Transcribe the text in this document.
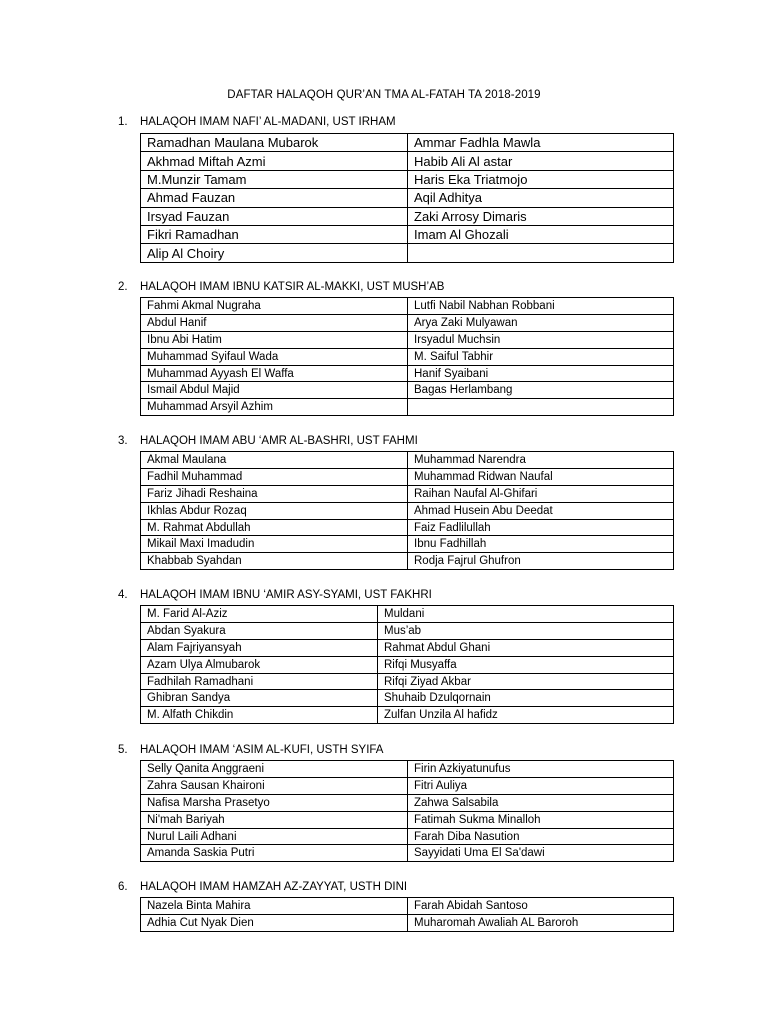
DAFTAR HALAQOH QUR’AN TMA AL-FATAH TA 2018-2019
1. HALAQOH IMAM NAFI’ AL-MADANI, UST IRHAM
Ramadhan Maulana Mubarok	Ammar Fadhla Mawla
Akhmad Miftah Azmi	Habib Ali Al astar
M.Munzir Tamam	Haris Eka Triatmojo
Ahmad Fauzan	Aqil Adhitya
Irsyad Fauzan	Zaki Arrosy Dimaris
Fikri Ramadhan	Imam Al Ghozali
Alip Al Choiry	
2. HALAQOH IMAM IBNU KATSIR AL-MAKKI, UST MUSH’AB
Fahmi Akmal Nugraha	Lutfi Nabil Nabhan Robbani
Abdul Hanif	Arya Zaki Mulyawan
Ibnu Abi Hatim	Irsyadul Muchsin
Muhammad Syifaul Wada	M. Saiful Tabhir
Muhammad Ayyash El Waffa	Hanif Syaibani
Ismail Abdul Majid	Bagas Herlambang
Muhammad Arsyil Azhim	
3. HALAQOH IMAM ABU ‘AMR AL-BASHRI, UST FAHMI
Akmal Maulana	Muhammad Narendra
Fadhil Muhammad	Muhammad Ridwan Naufal
Fariz Jihadi Reshaina	Raihan Naufal Al-Ghifari
Ikhlas Abdur Rozaq	Ahmad Husein Abu Deedat
M. Rahmat Abdullah	Faiz Fadlilullah
Mikail Maxi Imadudin	Ibnu Fadhillah
Khabbab Syahdan	Rodja Fajrul Ghufron
4. HALAQOH IMAM IBNU ‘AMIR ASY-SYAMI, UST FAKHRI
M. Farid Al-Aziz	Muldani
Abdan Syakura	Mus’ab
Alam Fajriyansyah	Rahmat Abdul Ghani
Azam Ulya Almubarok	Rifqi Musyaffa
Fadhilah Ramadhani	Rifqi Ziyad Akbar
Ghibran Sandya	Shuhaib Dzulqornain
M. Alfath Chikdin	Zulfan Unzila Al hafidz
5. HALAQOH IMAM ‘ASIM AL-KUFI, USTH SYIFA
Selly Qanita Anggraeni	Firin Azkiyatunufus
Zahra Sausan Khaironi	Fitri Auliya
Nafisa Marsha Prasetyo	Zahwa Salsabila
Ni'mah Bariyah	Fatimah Sukma Minalloh
Nurul Laili Adhani	Farah Diba Nasution
Amanda Saskia Putri	Sayyidati Uma El Sa'dawi
6. HALAQOH IMAM HAMZAH AZ-ZAYYAT, USTH DINI
Nazela Binta Mahira	Farah Abidah Santoso
Adhia Cut Nyak Dien	Muharomah Awaliah AL Baroroh
